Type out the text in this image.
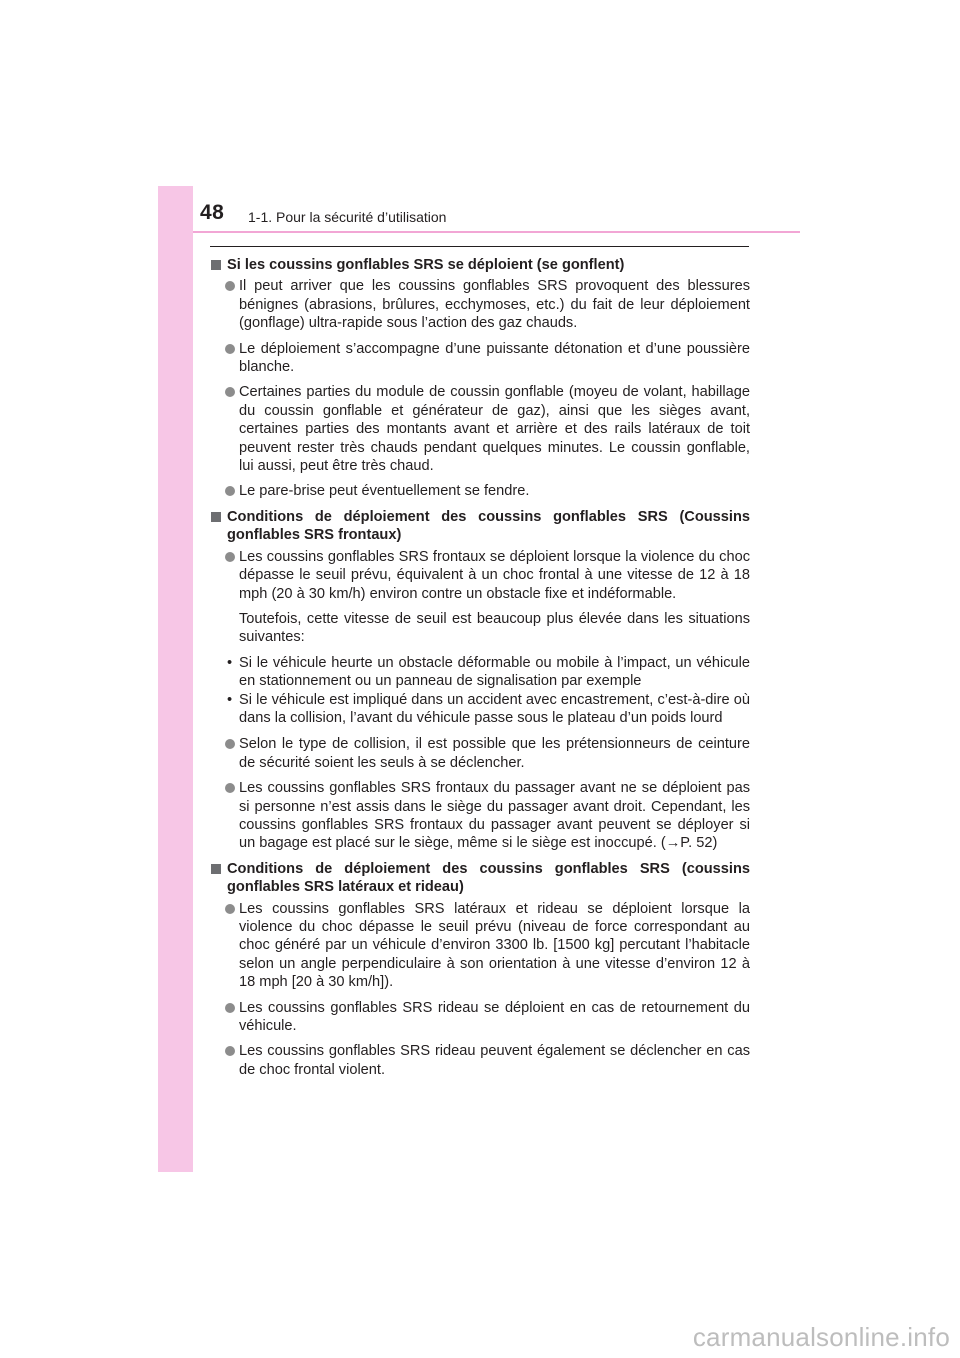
48 1-1. Pour la sécurité d’utilisation
Si les coussins gonflables SRS se déploient (se gonflent)
Il peut arriver que les coussins gonflables SRS provoquent des blessures bénignes (abrasions, brûlures, ecchymoses, etc.) du fait de leur déploiement (gonflage) ultra-rapide sous l’action des gaz chauds.
Le déploiement s’accompagne d’une puissante détonation et d’une poussière blanche.
Certaines parties du module de coussin gonflable (moyeu de volant, habillage du coussin gonflable et générateur de gaz), ainsi que les sièges avant, certaines parties des montants avant et arrière et des rails latéraux de toit peuvent rester très chauds pendant quelques minutes. Le coussin gonflable, lui aussi, peut être très chaud.
Le pare-brise peut éventuellement se fendre.
Conditions de déploiement des coussins gonflables SRS (Coussins gonflables SRS frontaux)
Les coussins gonflables SRS frontaux se déploient lorsque la violence du choc dépasse le seuil prévu, équivalent à un choc frontal à une vitesse de 12 à 18 mph (20 à 30 km/h) environ contre un obstacle fixe et indéformable.
Toutefois, cette vitesse de seuil est beaucoup plus élevée dans les situations suivantes:
• Si le véhicule heurte un obstacle déformable ou mobile à l’impact, un véhicule en stationnement ou un panneau de signalisation par exemple
• Si le véhicule est impliqué dans un accident avec encastrement, c’est-à-dire où dans la collision, l’avant du véhicule passe sous le plateau d’un poids lourd
Selon le type de collision, il est possible que les prétensionneurs de ceinture de sécurité soient les seuls à se déclencher.
Les coussins gonflables SRS frontaux du passager avant ne se déploient pas si personne n’est assis dans le siège du passager avant droit. Cependant, les coussins gonflables SRS frontaux du passager avant peuvent se déployer si un bagage est placé sur le siège, même si le siège est inoccupé. (→P. 52)
Conditions de déploiement des coussins gonflables SRS (coussins gonflables SRS latéraux et rideau)
Les coussins gonflables SRS latéraux et rideau se déploient lorsque la violence du choc dépasse le seuil prévu (niveau de force correspondant au choc généré par un véhicule d’environ 3300 lb. [1500 kg] percutant l’habitacle selon un angle perpendiculaire à son orientation à une vitesse d’environ 12 à 18 mph [20 à 30 km/h]).
Les coussins gonflables SRS rideau se déploient en cas de retournement du véhicule.
Les coussins gonflables SRS rideau peuvent également se déclencher en cas de choc frontal violent.
carmanualsonline.info
